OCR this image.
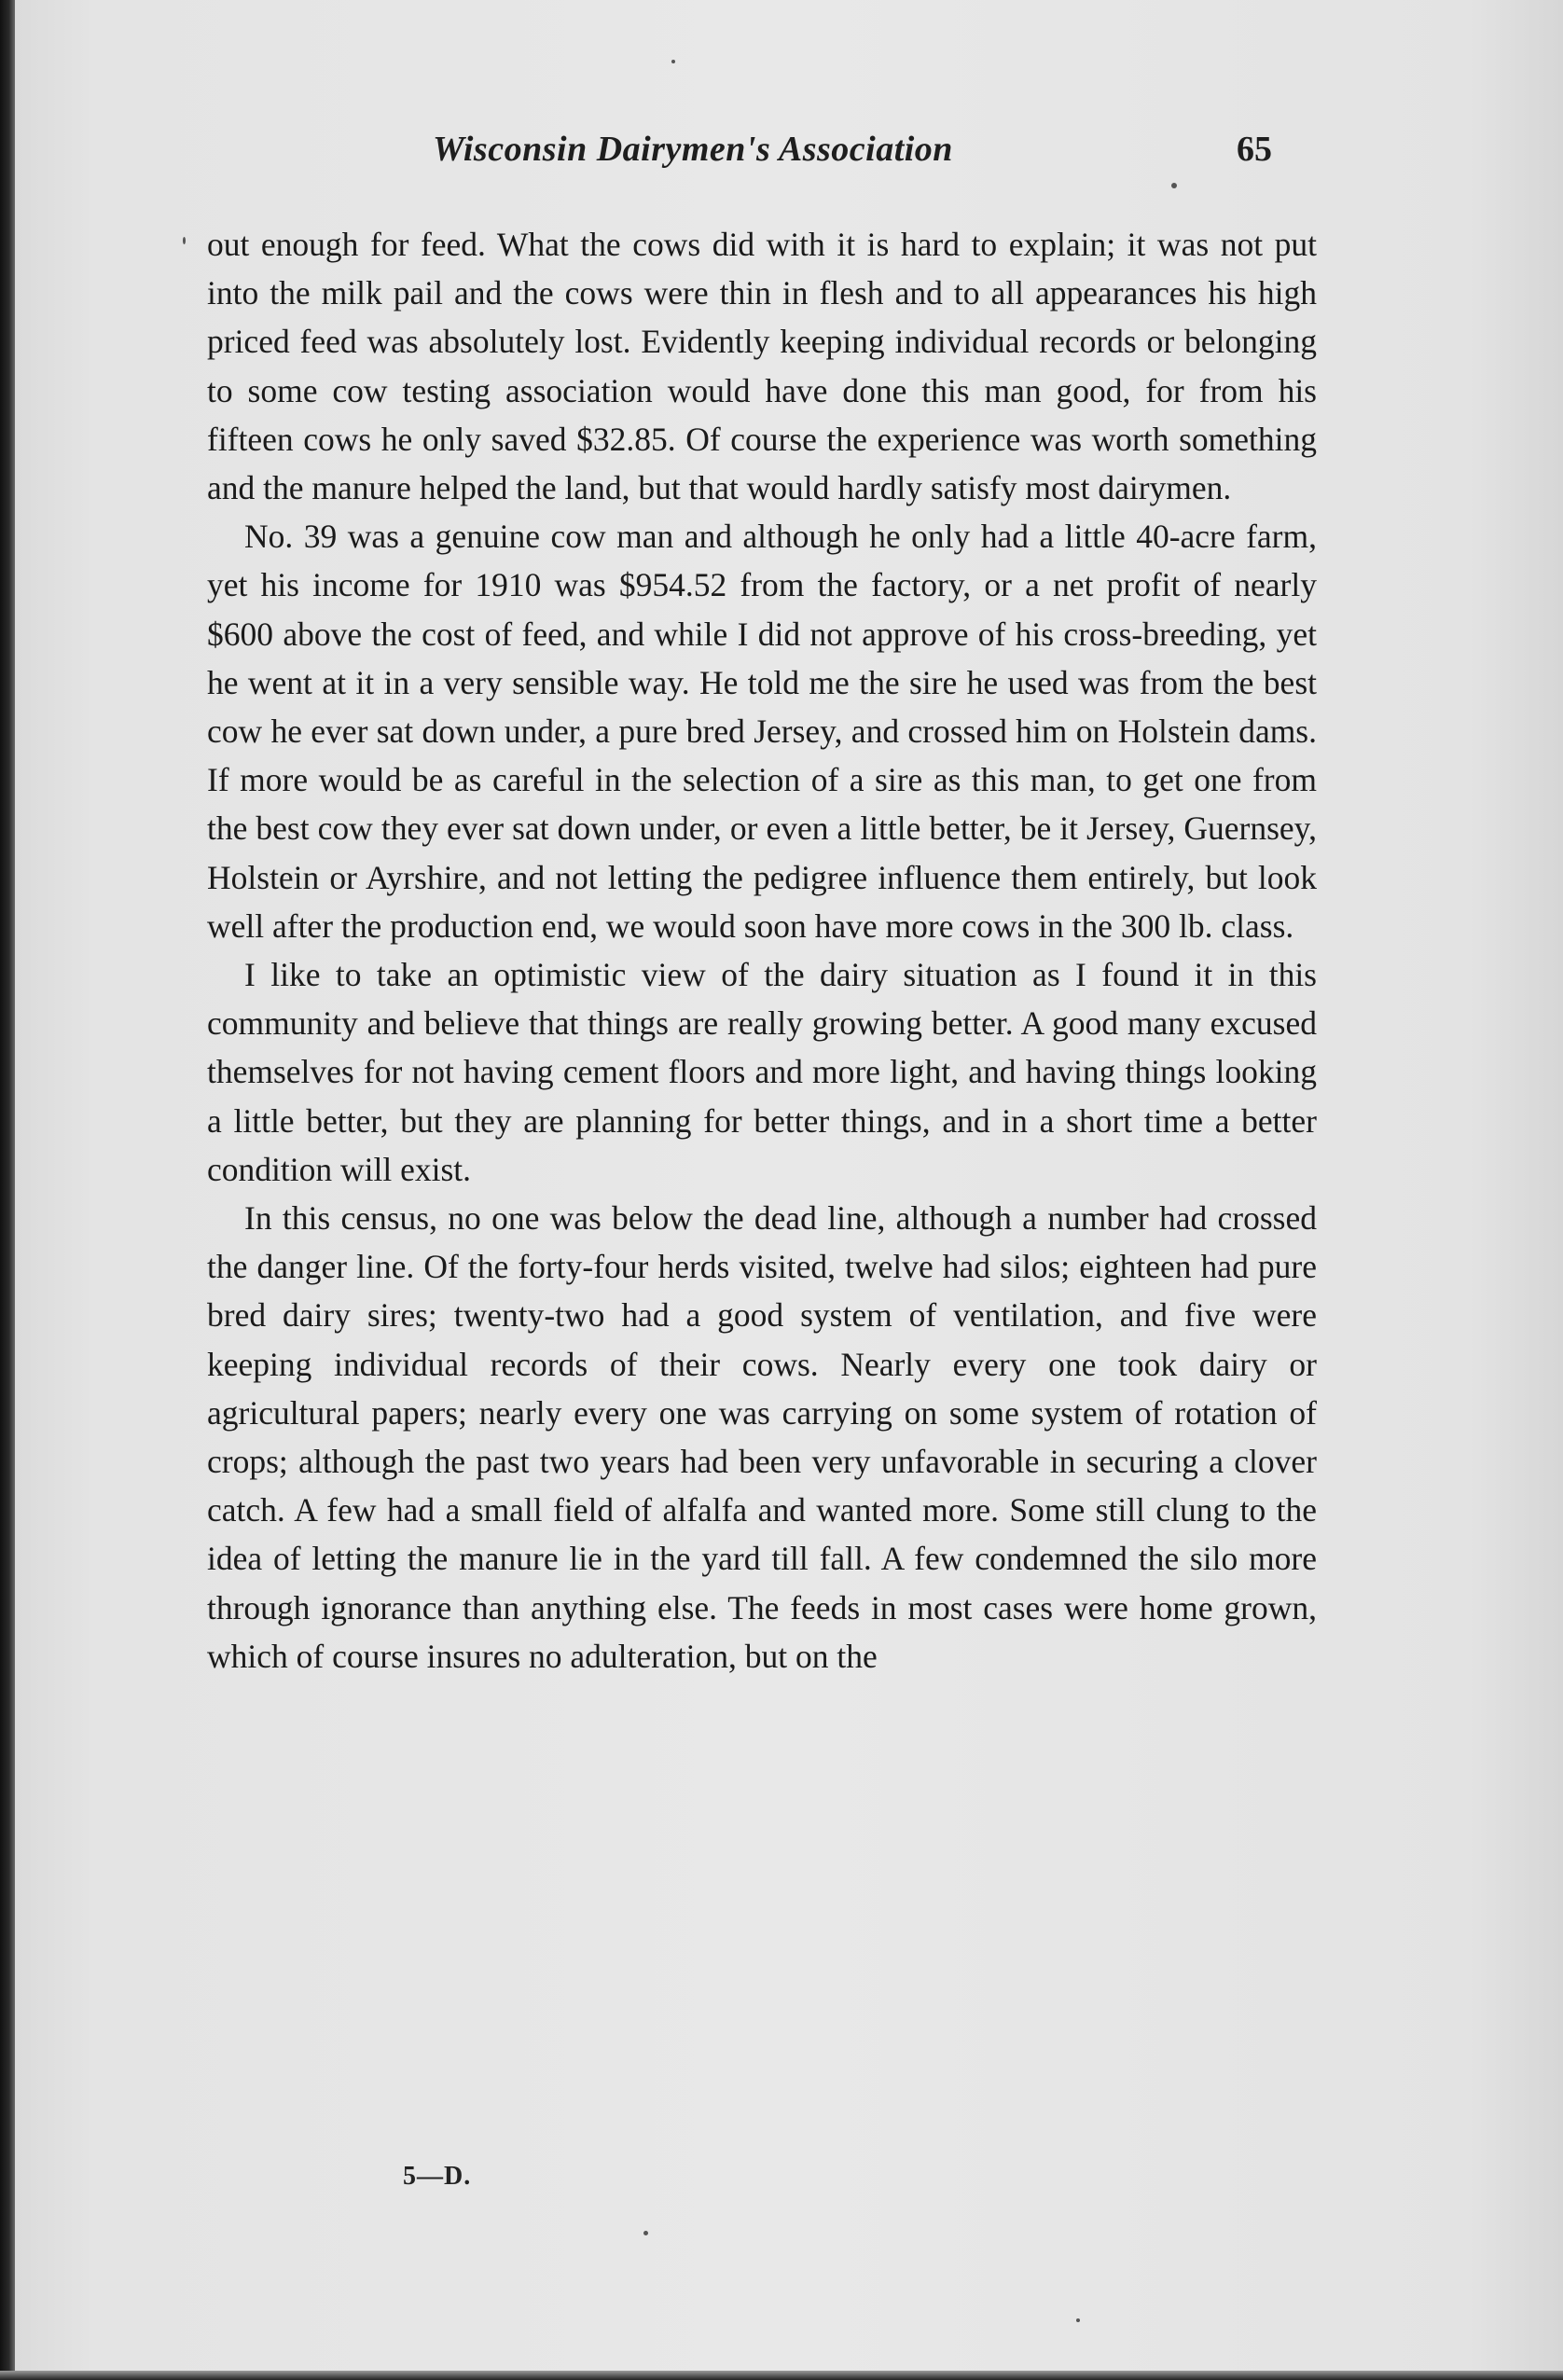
Wisconsin Dairymen's Association	65

out enough for feed. What the cows did with it is hard to explain; it was not put into the milk pail and the cows were thin in flesh and to all appearances his high priced feed was absolutely lost. Evidently keeping individual records or belonging to some cow testing association would have done this man good, for from his fifteen cows he only saved $32.85. Of course the experience was worth something and the manure helped the land, but that would hardly satisfy most dairymen.

No. 39 was a genuine cow man and although he only had a little 40-acre farm, yet his income for 1910 was $954.52 from the factory, or a net profit of nearly $600 above the cost of feed, and while I did not approve of his cross-breeding, yet he went at it in a very sensible way. He told me the sire he used was from the best cow he ever sat down under, a pure bred Jersey, and crossed him on Holstein dams. If more would be as careful in the selection of a sire as this man, to get one from the best cow they ever sat down under, or even a little better, be it Jersey, Guernsey, Holstein or Ayrshire, and not letting the pedigree influence them entirely, but look well after the production end, we would soon have more cows in the 300 lb. class.

I like to take an optimistic view of the dairy situation as I found it in this community and believe that things are really growing better. A good many excused themselves for not having cement floors and more light, and having things looking a little better, but they are planning for better things, and in a short time a better condition will exist.

In this census, no one was below the dead line, although a number had crossed the danger line. Of the forty-four herds visited, twelve had silos; eighteen had pure bred dairy sires; twenty-two had a good system of ventilation, and five were keeping individual records of their cows. Nearly every one took dairy or agricultural papers; nearly every one was carrying on some system of rotation of crops; although the past two years had been very unfavorable in securing a clover catch. A few had a small field of alfalfa and wanted more. Some still clung to the idea of letting the manure lie in the yard till fall. A few condemned the silo more through ignorance than anything else. The feeds in most cases were home grown, which of course insures no adulteration, but on the

5—D.
